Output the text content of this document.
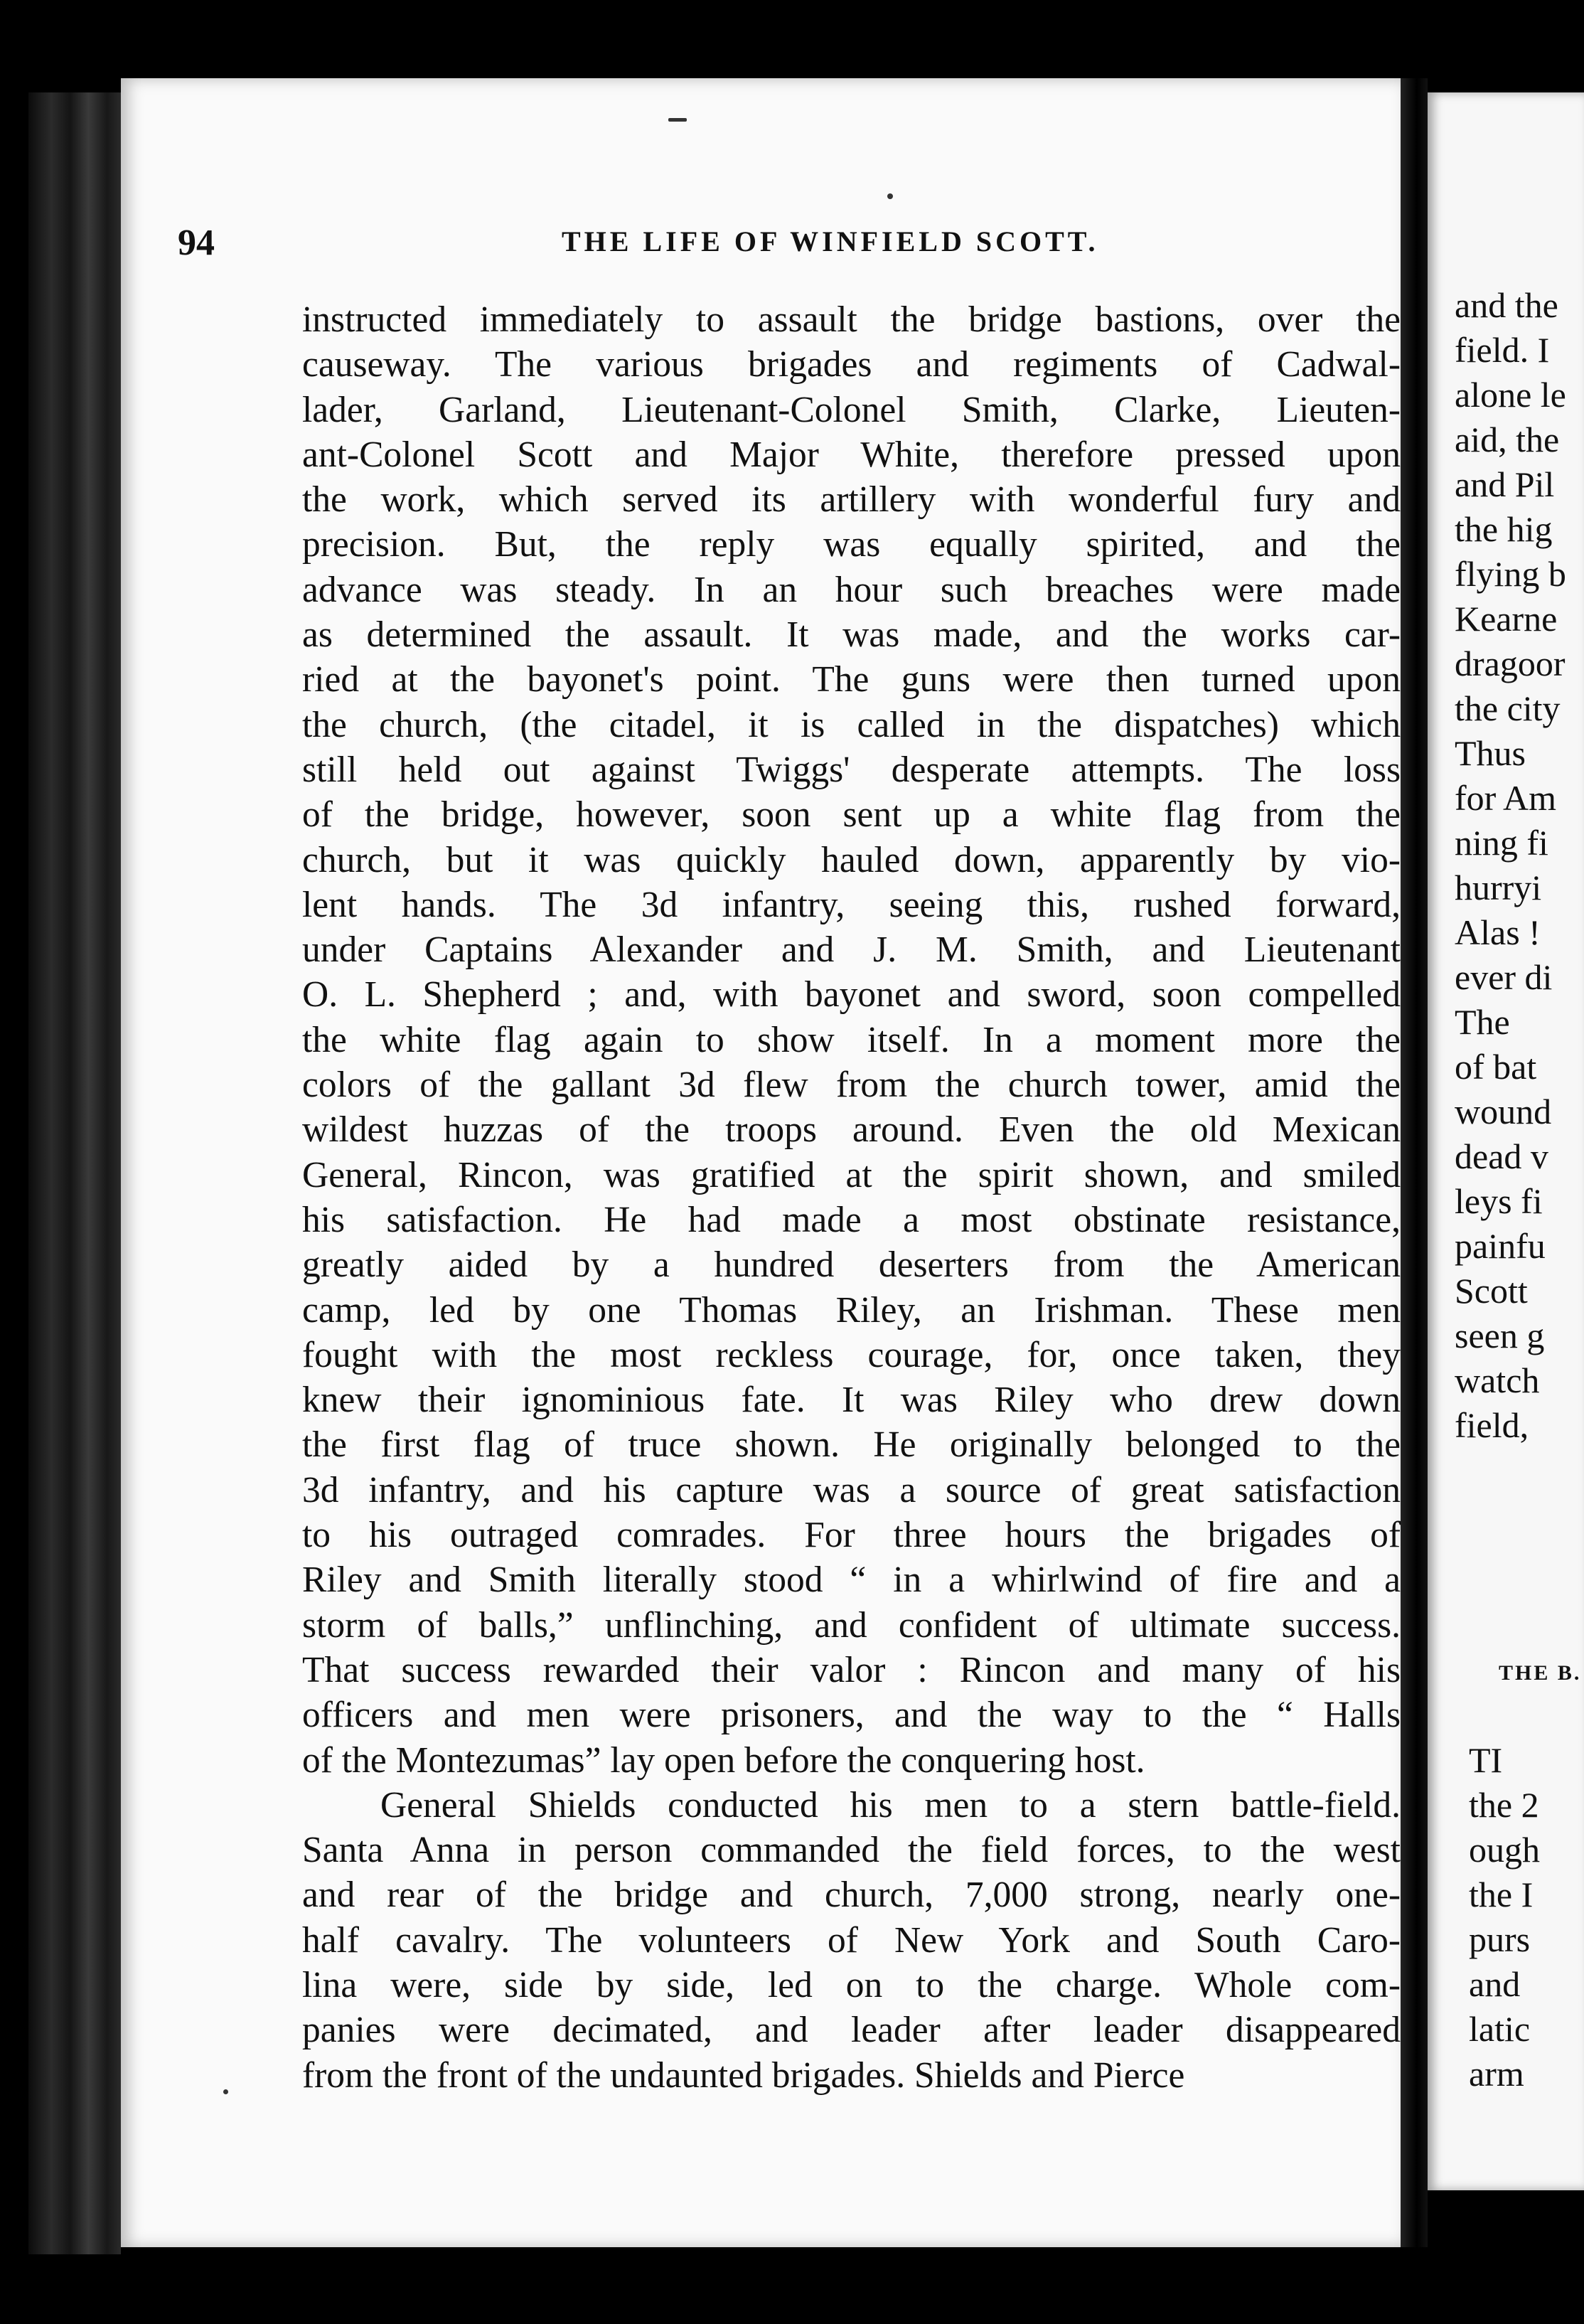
94	THE LIFE OF WINFIELD SCOTT.
instructed immediately to assault the bridge bastions, over the
causeway. The various brigades and regiments of Cadwal-
lader, Garland, Lieutenant-Colonel Smith, Clarke, Lieuten-
ant-Colonel Scott and Major White, therefore pressed upon
the work, which served its artillery with wonderful fury and
precision. But, the reply was equally spirited, and the
advance was steady. In an hour such breaches were made
as determined the assault. It was made, and the works car-
ried at the bayonet's point. The guns were then turned upon
the church, (the citadel, it is called in the dispatches) which
still held out against Twiggs' desperate attempts. The loss
of the bridge, however, soon sent up a white flag from the
church, but it was quickly hauled down, apparently by vio-
lent hands. The 3d infantry, seeing this, rushed forward,
under Captains Alexander and J. M. Smith, and Lieutenant
O. L. Shepherd ; and, with bayonet and sword, soon compelled
the white flag again to show itself. In a moment more the
colors of the gallant 3d flew from the church tower, amid the
wildest huzzas of the troops around. Even the old Mexican
General, Rincon, was gratified at the spirit shown, and smiled
his satisfaction. He had made a most obstinate resistance,
greatly aided by a hundred deserters from the American
camp, led by one Thomas Riley, an Irishman. These men
fought with the most reckless courage, for, once taken, they
knew their ignominious fate. It was Riley who drew down
the first flag of truce shown. He originally belonged to the
3d infantry, and his capture was a source of great satisfaction
to his outraged comrades. For three hours the brigades of
Riley and Smith literally stood “ in a whirlwind of fire and a
storm of balls,” unflinching, and confident of ultimate success.
That success rewarded their valor : Rincon and many of his
officers and men were prisoners, and the way to the “ Halls
of the Montezumas” lay open before the conquering host.
General Shields conducted his men to a stern battle-field.
Santa Anna in person commanded the field forces, to the west
and rear of the bridge and church, 7,000 strong, nearly one-
half cavalry. The volunteers of New York and South Caro-
lina were, side by side, led on to the charge. Whole com-
panies were decimated, and leader after leader disappeared
from the front of the undaunted brigades. Shields and Pierce
and the
field. I
alone le
aid, the
and Pil
the hig
flying b
Kearne
dragoor
the city
Thus
for Am
ning fi
hurryi
Alas !
ever di
The
of bat
wound
dead v
leys fi
painfu
Scott
seen g
watch
field,
THE B.
TI
the 2
ough
the I
purs
and
latic
arm
